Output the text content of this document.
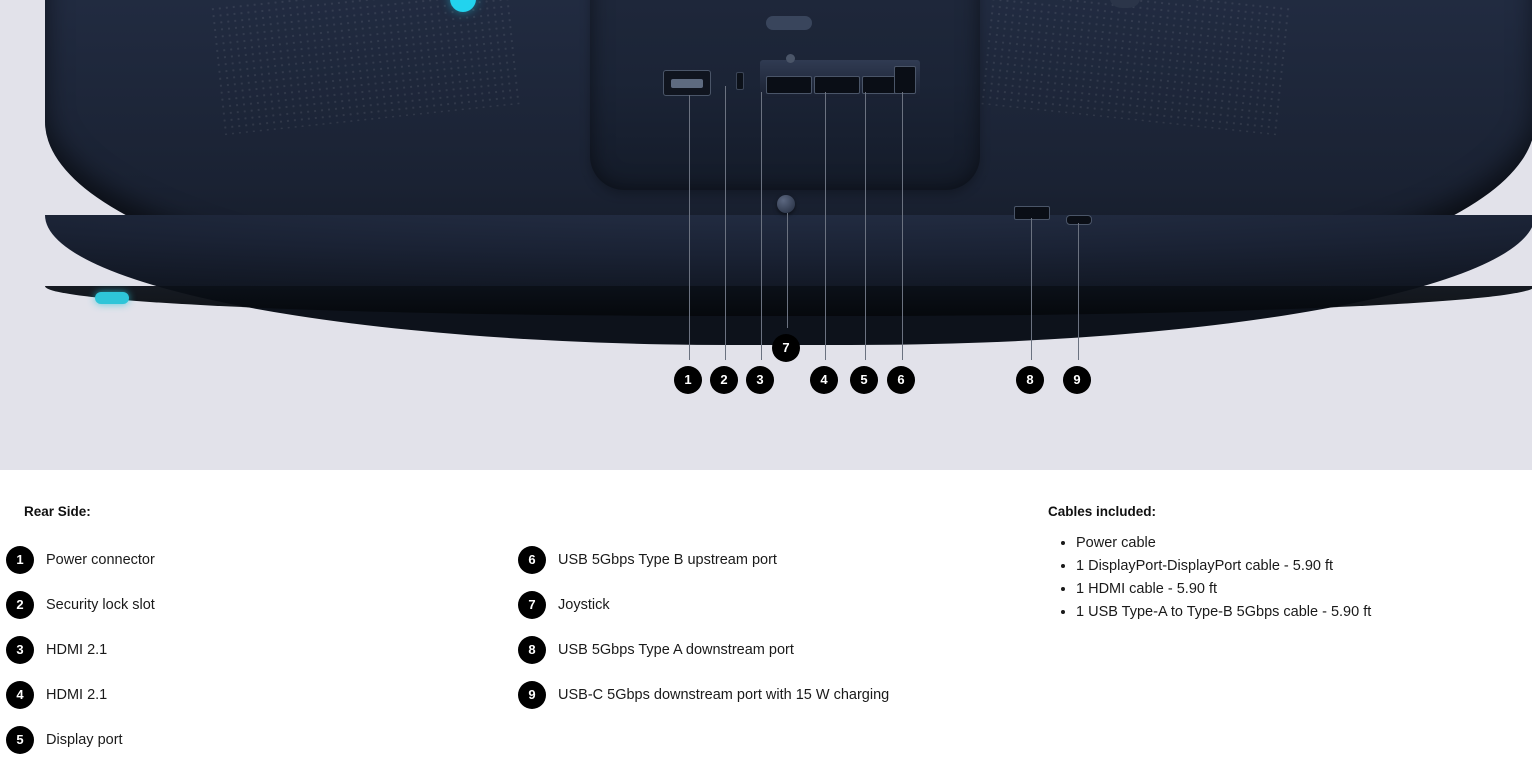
1	2	3
7
4	5	6	8	9
Rear Side:	Cables included:
1	Power connector
2	Security lock slot
3	HDMI 2.1
4	HDMI 2.1
5	Display port
6	USB 5Gbps Type B upstream port
7	Joystick
8	USB 5Gbps Type A downstream port
9	USB-C 5Gbps downstream port with 15 W charging
• Power cable
• 1 DisplayPort-DisplayPort cable - 5.90 ft
• 1 HDMI cable - 5.90 ft
• 1 USB Type-A to Type-B 5Gbps cable - 5.90 ft
